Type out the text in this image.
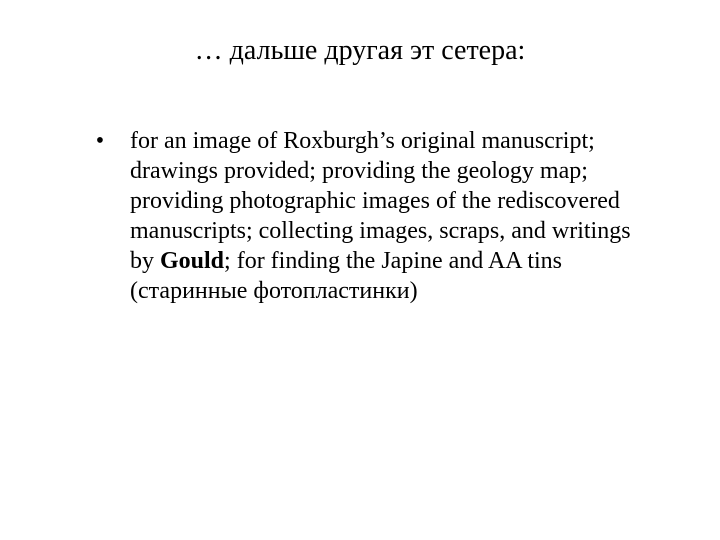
… дальше другая эт сетера:
• for an image of Roxburgh’s original manuscript; drawings provided; providing the geology map; providing photographic images of the rediscovered manuscripts; collecting images, scraps, and writings by Gould; for finding the Japine and AA tins (старинные фотопластинки)
